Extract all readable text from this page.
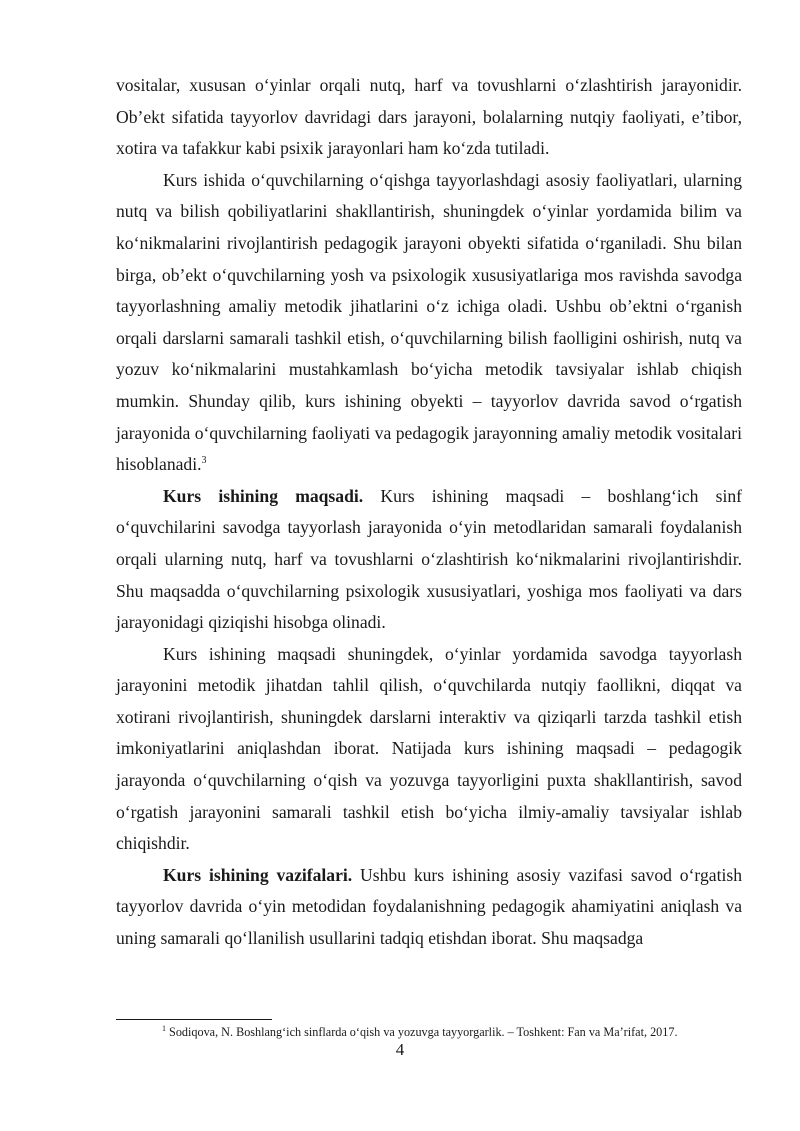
vositalar, xususan o‘yinlar orqali nutq, harf va tovushlarni o‘zlashtirish jarayonidir. Ob’ekt sifatida tayyorlov davridagi dars jarayoni, bolalarning nutqiy faoliyati, e’tibor, xotira va tafakkur kabi psixik jarayonlari ham ko‘zda tutiladi.

Kurs ishida o‘quvchilarning o‘qishga tayyorlashdagi asosiy faoliyatlari, ularning nutq va bilish qobiliyatlarini shakllantirish, shuningdek o‘yinlar yordamida bilim va ko‘nikmalarini rivojlantirish pedagogik jarayoni obyekti sifatida o‘rganiladi. Shu bilan birga, ob’ekt o‘quvchilarning yosh va psixologik xususiyatlariga mos ravishda savodga tayyorlashning amaliy metodik jihatlarini o‘z ichiga oladi. Ushbu ob’ektni o‘rganish orqali darslarni samarali tashkil etish, o‘quvchilarning bilish faolligini oshirish, nutq va yozuv ko‘nikmalarini mustahkamlash bo‘yicha metodik tavsiyalar ishlab chiqish mumkin. Shunday qilib, kurs ishining obyekti – tayyorlov davrida savod o‘rgatish jarayonida o‘quvchilarning faoliyati va pedagogik jarayonning amaliy metodik vositalari hisoblanadi.$^3$

Kurs ishining maqsadi. Kurs ishining maqsadi – boshlang‘ich sinf o‘quvchilarini savodga tayyorlash jarayonida o‘yin metodlaridan samarali foydalanish orqali ularning nutq, harf va tovushlarni o‘zlashtirish ko‘nikmalarini rivojlantirishdir. Shu maqsadda o‘quvchilarning psixologik xususiyatlari, yoshiga mos faoliyati va dars jarayonidagi qiziqishi hisobga olinadi.

Kurs ishining maqsadi shuningdek, o‘yinlar yordamida savodga tayyorlash jarayonini metodik jihatdan tahlil qilish, o‘quvchilarda nutqiy faollikni, diqqat va xotirani rivojlantirish, shuningdek darslarni interaktiv va qiziqarli tarzda tashkil etish imkoniyatlarini aniqlashdan iborat. Natijada kurs ishining maqsadi – pedagogik jarayonda o‘quvchilarning o‘qish va yozuvga tayyorligini puxta shakllantirish, savod o‘rgatish jarayonini samarali tashkil etish bo‘yicha ilmiy-amaliy tavsiyalar ishlab chiqishdir.

Kurs ishining vazifalari. Ushbu kurs ishining asosiy vazifasi savod o‘rgatish tayyorlov davrida o‘yin metodidan foydalanishning pedagogik ahamiyatini aniqlash va uning samarali qo‘llanilish usullarini tadqiq etishdan iborat. Shu maqsadga

$^1$ Sodiqova, N. Boshlang‘ich sinflarda o‘qish va yozuvga tayyorgarlik. – Toshkent: Fan va Ma’rifat, 2017.
4
